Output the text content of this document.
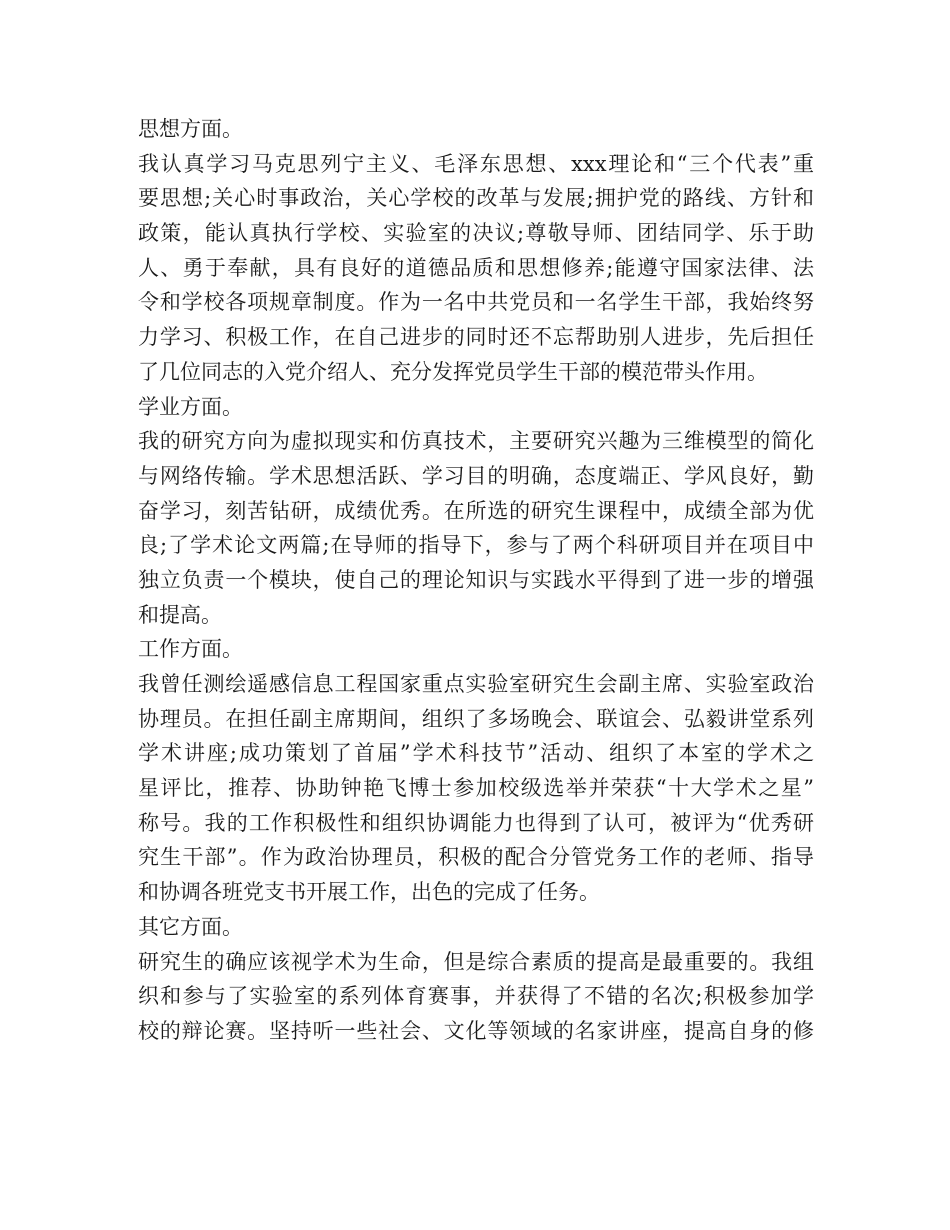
思想方面。
我认真学习马克思列宁主义、毛泽东思想、xxx理论和“三个代表”重
要思想;关心时事政治，关心学校的改革与发展;拥护党的路线、方针和
政策，能认真执行学校、实验室的决议;尊敬导师、团结同学、乐于助
人、勇于奉献，具有良好的道德品质和思想修养;能遵守国家法律、法
令和学校各项规章制度。作为一名中共党员和一名学生干部，我始终努
力学习、积极工作，在自己进步的同时还不忘帮助别人进步，先后担任
了几位同志的入党介绍人、充分发挥党员学生干部的模范带头作用。
学业方面。
我的研究方向为虚拟现实和仿真技术，主要研究兴趣为三维模型的简化
与网络传输。学术思想活跃、学习目的明确，态度端正、学风良好，勤
奋学习，刻苦钻研，成绩优秀。在所选的研究生课程中，成绩全部为优
良;了学术论文两篇;在导师的指导下，参与了两个科研项目并在项目中
独立负责一个模块，使自己的理论知识与实践水平得到了进一步的增强
和提高。
工作方面。
我曾任测绘遥感信息工程国家重点实验室研究生会副主席、实验室政治
协理员。在担任副主席期间，组织了多场晚会、联谊会、弘毅讲堂系列
学术讲座;成功策划了首届”学术科技节”活动、组织了本室的学术之
星评比，推荐、协助钟艳飞博士参加校级选举并荣获“十大学术之星”
称号。我的工作积极性和组织协调能力也得到了认可，被评为“优秀研
究生干部”。作为政治协理员，积极的配合分管党务工作的老师、指导
和协调各班党支书开展工作，出色的完成了任务。
其它方面。
研究生的确应该视学术为生命，但是综合素质的提高是最重要的。我组
织和参与了实验室的系列体育赛事，并获得了不错的名次;积极参加学
校的辩论赛。坚持听一些社会、文化等领域的名家讲座，提高自身的修
